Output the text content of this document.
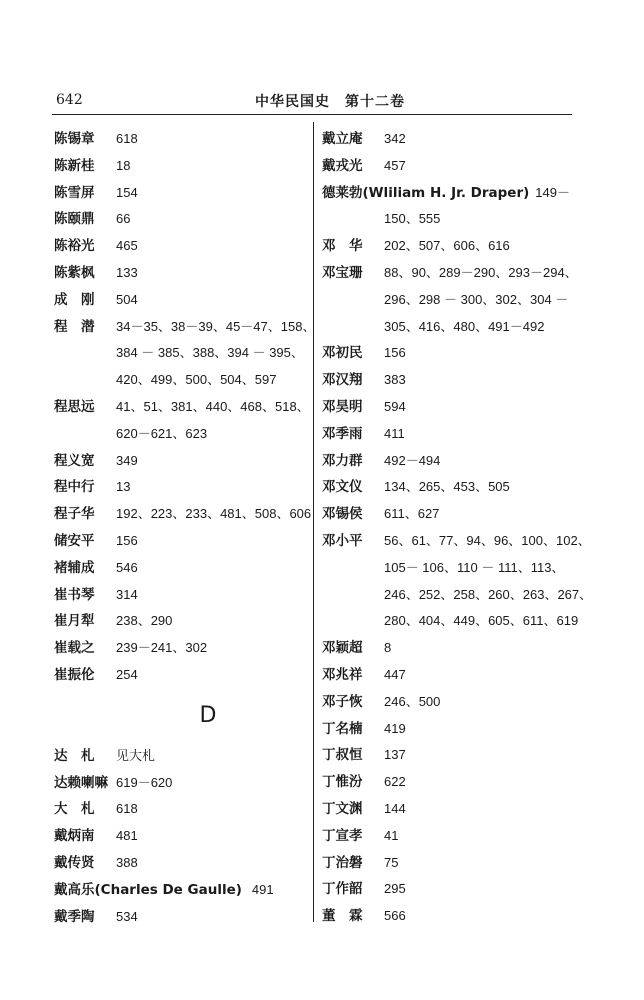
642	中华民国史　第十二卷
陈锡章	618
陈新桂	18
陈雪屏	154
陈颐鼎	66
陈裕光	465
陈紫枫	133
成　刚	504
程　潜	34－35、38－39、45－47、158、
384 － 385、388、394 － 395、
420、499、500、504、597
程思远	41、51、381、440、468、518、
620－621、623
程义宽	349
程中行	13
程子华	192、223、233、481、508、606
储安平	156
褚辅成	546
崔书琴	314
崔月犁	238、290
崔载之	239－241、302
崔振伦	254
D
达　札	见大札
达赖喇嘛 619－620
大　札	618
戴炳南	481
戴传贤	388
戴高乐(Charles De Gaulle) 491
戴季陶	534
戴立庵	342
戴戎光	457
德莱勃(Wliliam H. Jr. Draper) 149－
150、555
邓　华	202、507、606、616
邓宝珊	88、90、289－290、293－294、
296、298 － 300、302、304 －
305、416、480、491－492
邓初民	156
邓汉翔	383
邓昊明	594
邓季雨	411
邓力群	492－494
邓文仪	134、265、453、505
邓锡侯	611、627
邓小平	56、61、77、94、96、100、102、
105－ 106、110 － 111、113、
246、252、258、260、263、267、
280、404、449、605、611、619
邓颖超	8
邓兆祥	447
邓子恢	246、500
丁名楠	419
丁叔恒	137
丁惟汾	622
丁文渊	144
丁宣孝	41
丁治磐	75
丁作韶	295
董　霖	566
